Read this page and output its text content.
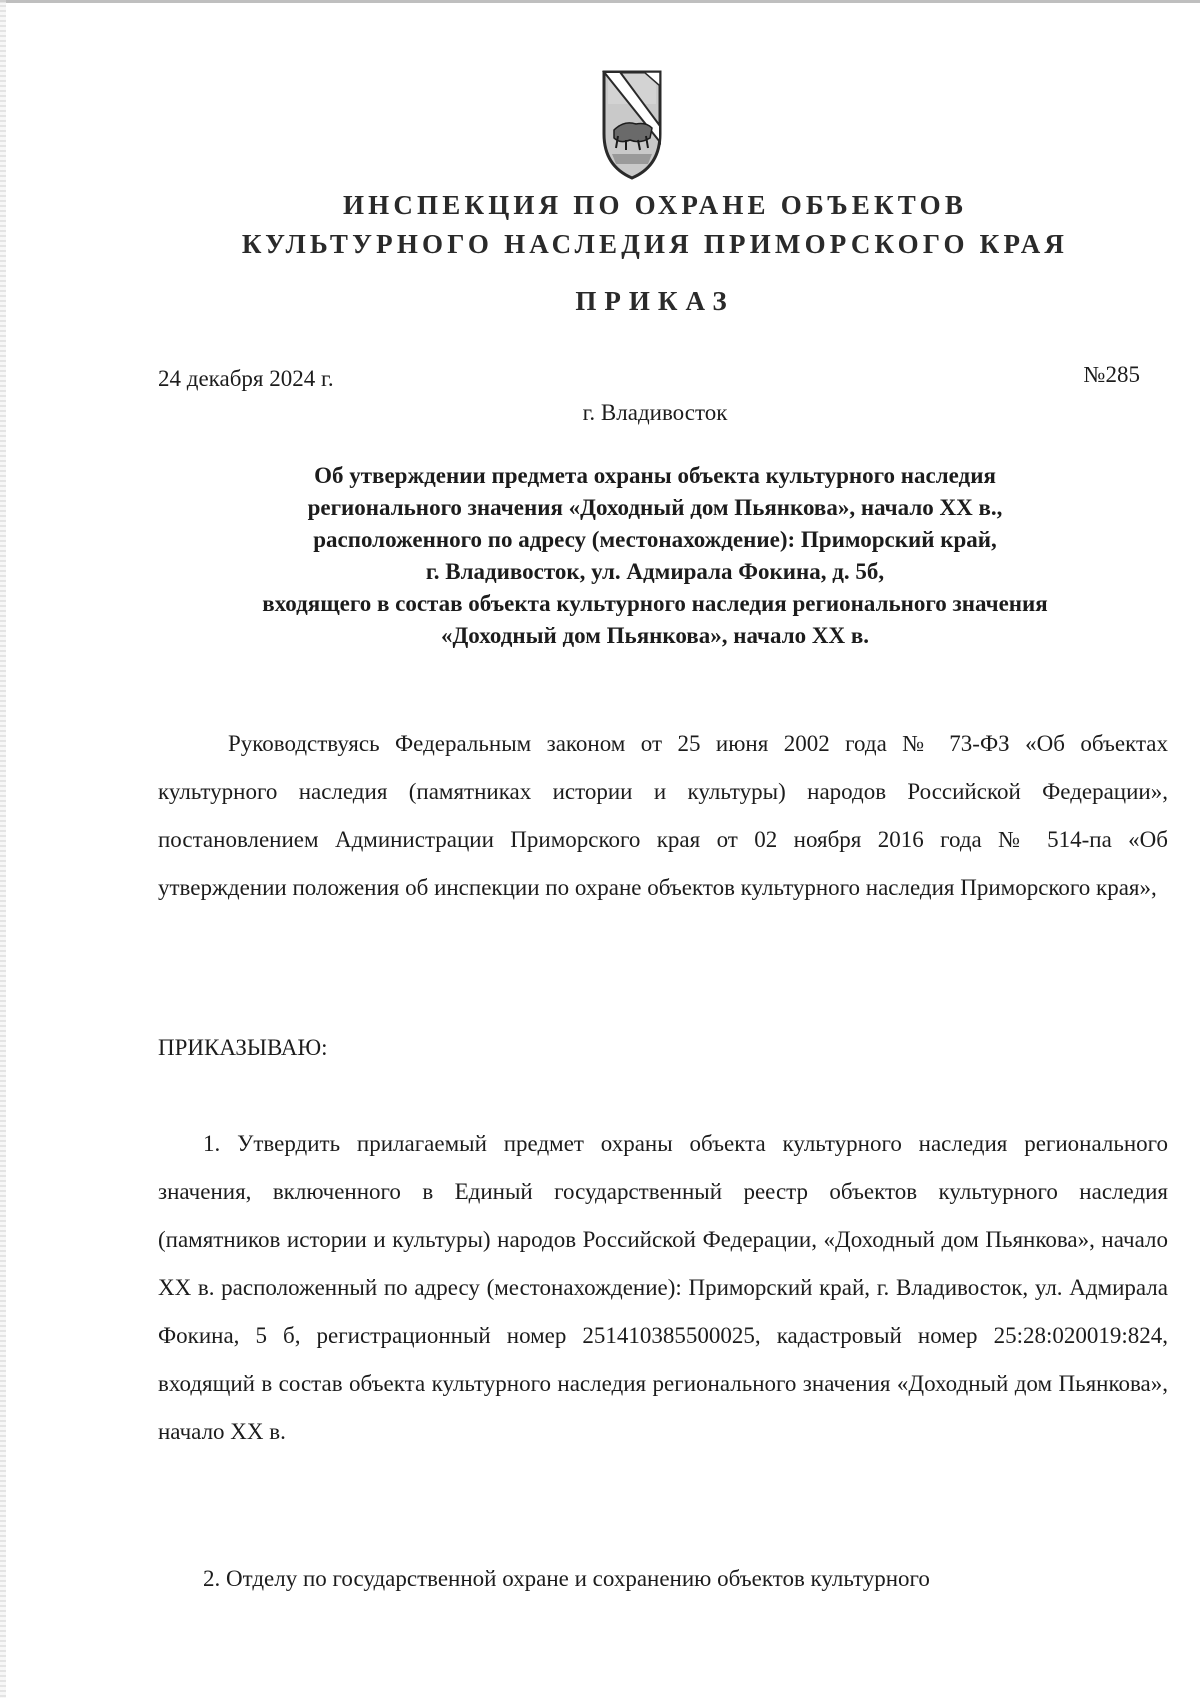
ИНСПЕКЦИЯ ПО ОХРАНЕ ОБЪЕКТОВ
КУЛЬТУРНОГО НАСЛЕДИЯ ПРИМОРСКОГО КРАЯ
ПРИКАЗ
24 декабря 2024 г.	№285
г. Владивосток
Об утверждении предмета охраны объекта культурного наследия
регионального значения «Доходный дом Пьянкова», начало XX в.,
расположенного по адресу (местонахождение): Приморский край,
г. Владивосток, ул. Адмирала Фокина, д. 5б,
входящего в состав объекта культурного наследия регионального значения
«Доходный дом Пьянкова», начало XX в.
Руководствуясь Федеральным законом от 25 июня 2002 года № 73-ФЗ «Об объектах культурного наследия (памятниках истории и культуры) народов Российской Федерации», постановлением Администрации Приморского края от 02 ноября 2016 года № 514-па «Об утверждении положения об инспекции по охране объектов культурного наследия Приморского края»,
ПРИКАЗЫВАЮ:
1. Утвердить прилагаемый предмет охраны объекта культурного наследия регионального значения, включенного в Единый государственный реестр объектов культурного наследия (памятников истории и культуры) народов Российской Федерации, «Доходный дом Пьянкова», начало XX в. расположенный по адресу (местонахождение): Приморский край, г. Владивосток, ул. Адмирала Фокина, 5 б, регистрационный номер 251410385500025, кадастровый номер 25:28:020019:824, входящий в состав объекта культурного наследия регионального значения «Доходный дом Пьянкова», начало XX в.
2. Отделу по государственной охране и сохранению объектов культурного
